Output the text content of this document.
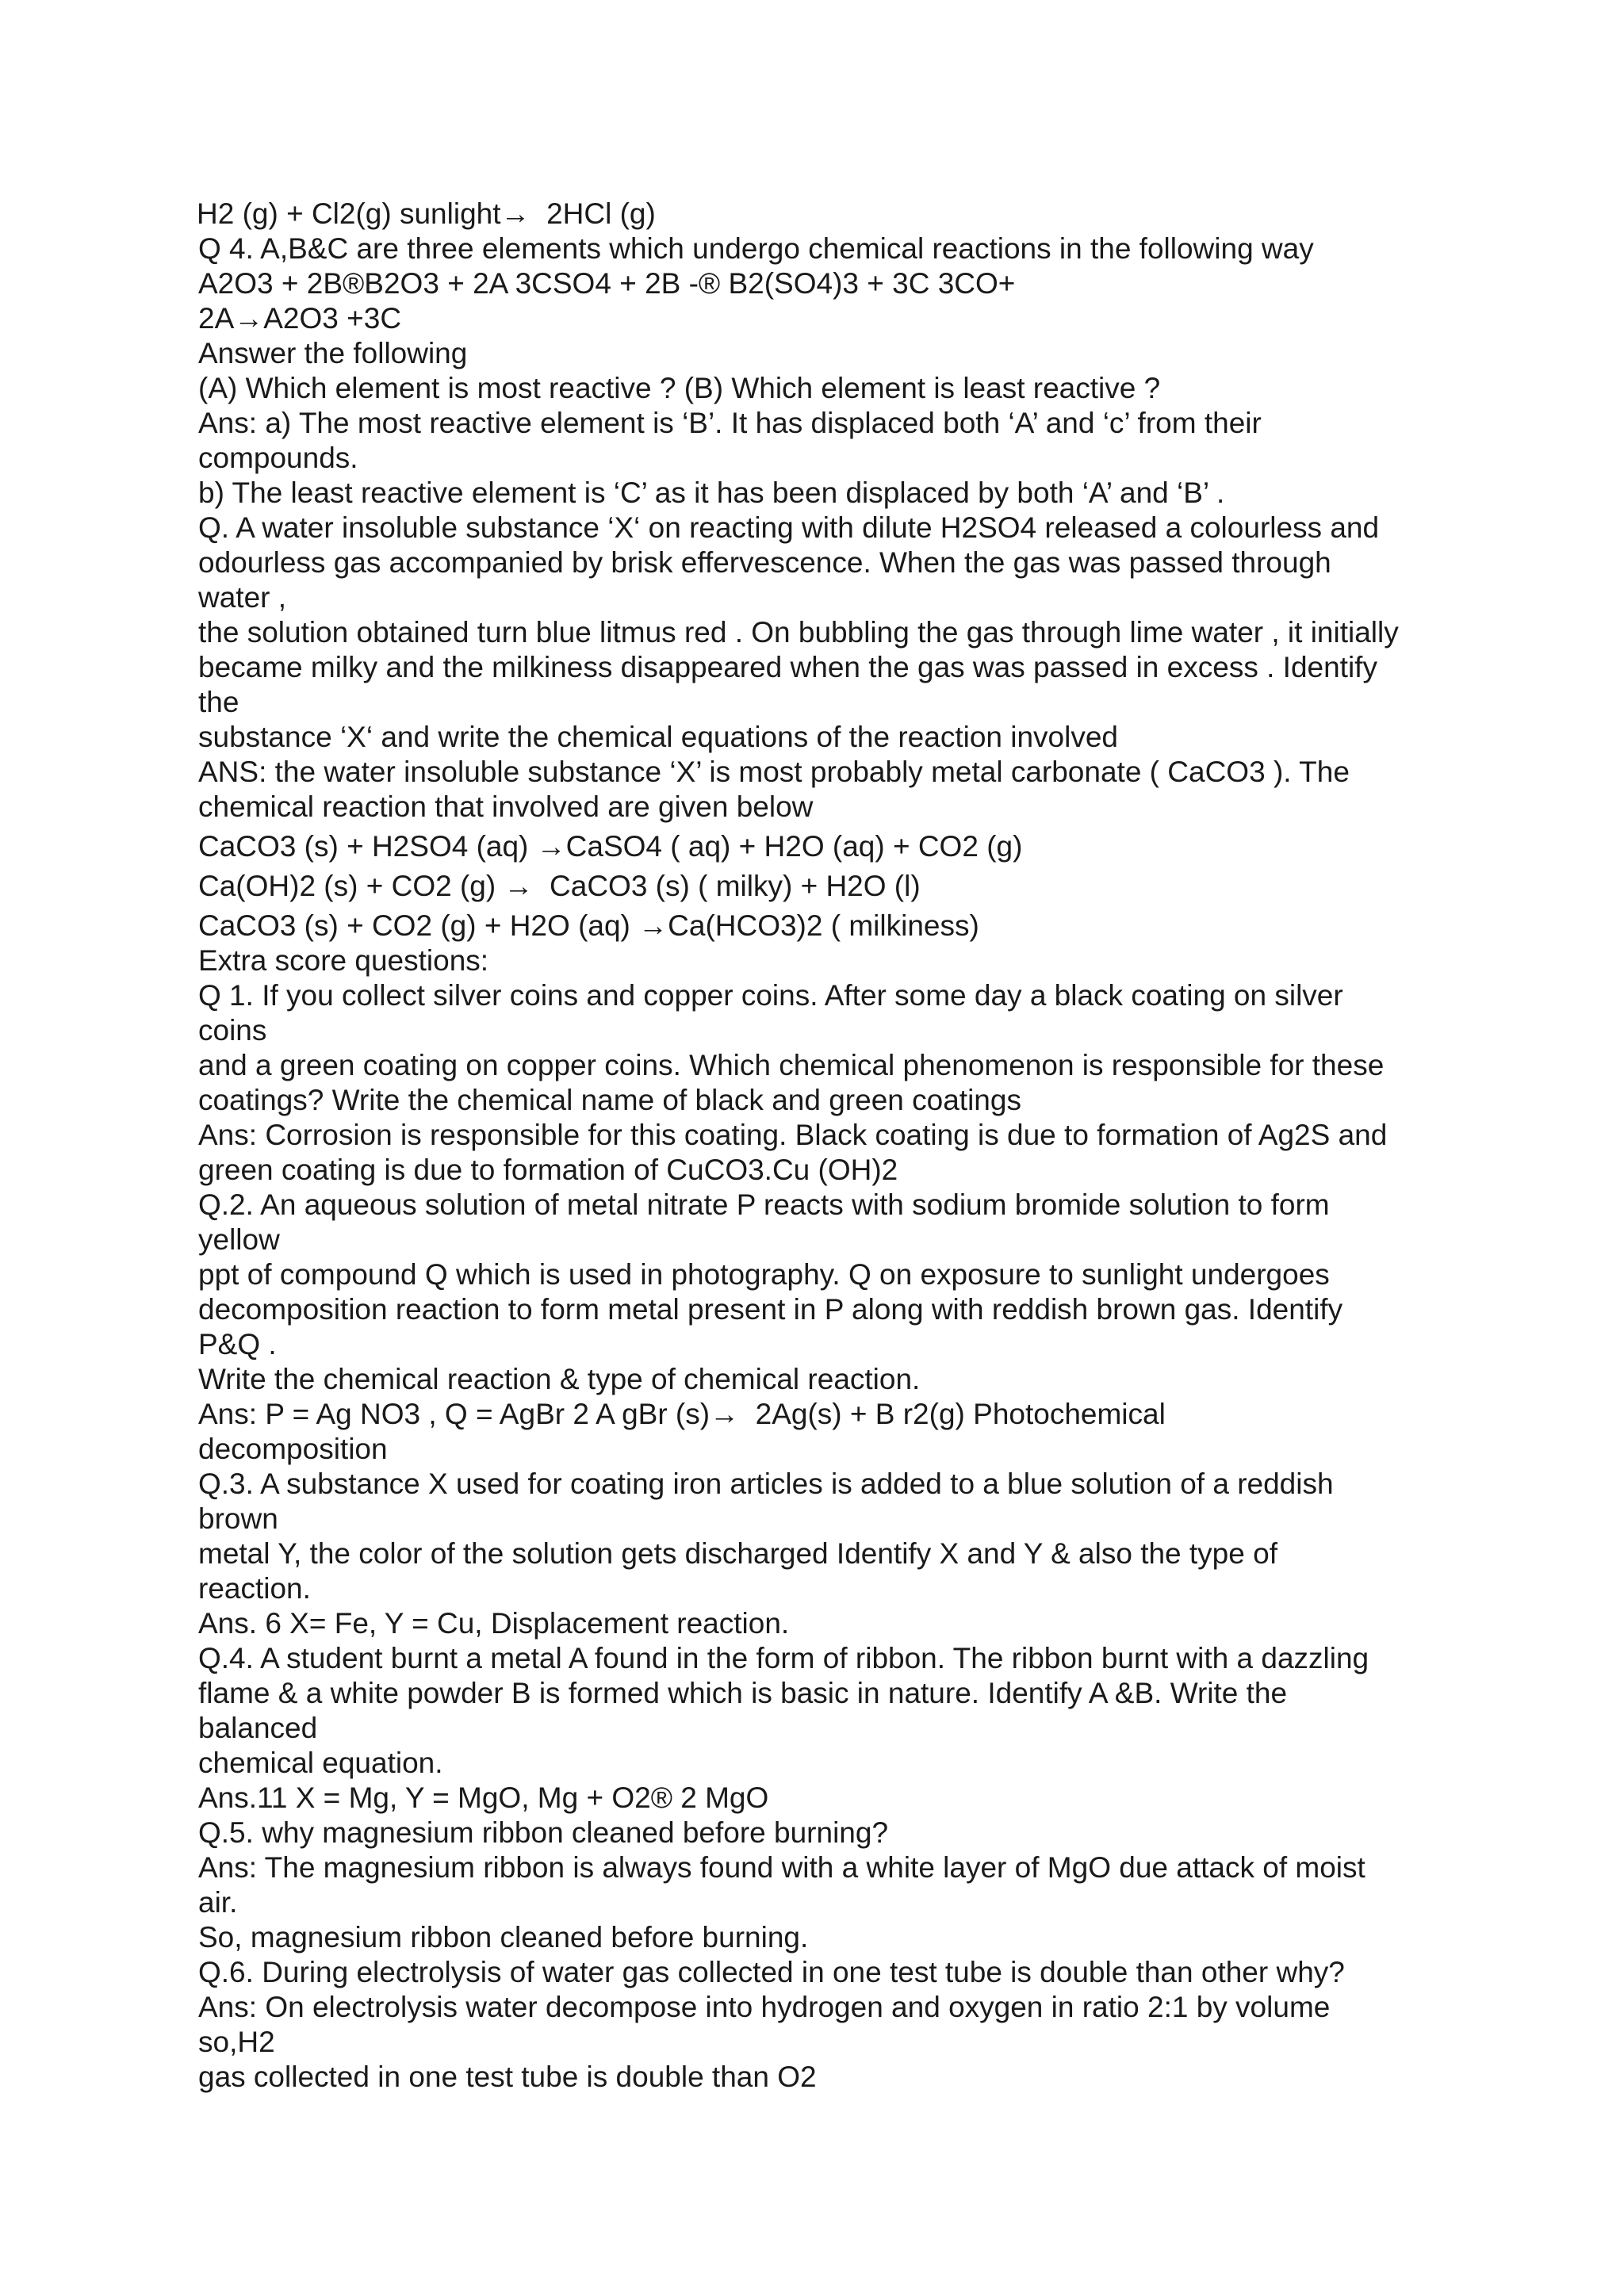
H2 (g) + Cl2(g) sunlight→  2HCl (g)
Q 4. A,B&C are three elements which undergo chemical reactions in the following way
A2O3 + 2B®B2O3 + 2A 3CSO4 + 2B -® B2(SO4)3 + 3C 3CO+
2A→A2O3 +3C
Answer the following
(A) Which element is most reactive ? (B) Which element is least reactive ?
Ans: a) The most reactive element is ‘B’. It has displaced both ‘A’ and ‘c’ from their
compounds.
b) The least reactive element is ‘C’ as it has been displaced by both ‘A’ and ‘B’ .
Q. A water insoluble substance ‘X‘ on reacting with dilute H2SO4 released a colourless and
odourless gas accompanied by brisk effervescence. When the gas was passed through
water ,
the solution obtained turn blue litmus red . On bubbling the gas through lime water , it initially
became milky and the milkiness disappeared when the gas was passed in excess . Identify
the
substance ‘X‘ and write the chemical equations of the reaction involved
ANS: the water insoluble substance ‘X’ is most probably metal carbonate ( CaCO3 ). The
chemical reaction that involved are given below
CaCO3 (s) + H2SO4 (aq) →CaSO4 ( aq) + H2O (aq) + CO2 (g)
Ca(OH)2 (s) + CO2 (g) →  CaCO3 (s) ( milky) + H2O (l)
CaCO3 (s) + CO2 (g) + H2O (aq) →Ca(HCO3)2 ( milkiness)
Extra score questions:
Q 1. If you collect silver coins and copper coins. After some day a black coating on silver
coins
and a green coating on copper coins. Which chemical phenomenon is responsible for these
coatings? Write the chemical name of black and green coatings
Ans: Corrosion is responsible for this coating. Black coating is due to formation of Ag2S and
green coating is due to formation of CuCO3.Cu (OH)2
Q.2. An aqueous solution of metal nitrate P reacts with sodium bromide solution to form
yellow
ppt of compound Q which is used in photography. Q on exposure to sunlight undergoes
decomposition reaction to form metal present in P along with reddish brown gas. Identify
P&Q .
Write the chemical reaction & type of chemical reaction.
Ans: P = Ag NO3 , Q = AgBr 2 A gBr (s)→  2Ag(s) + B r2(g) Photochemical
decomposition
Q.3. A substance X used for coating iron articles is added to a blue solution of a reddish
brown
metal Y, the color of the solution gets discharged Identify X and Y & also the type of
reaction.
Ans. 6 X= Fe, Y = Cu, Displacement reaction.
Q.4. A student burnt a metal A found in the form of ribbon. The ribbon burnt with a dazzling
flame & a white powder B is formed which is basic in nature. Identify A &B. Write the
balanced
chemical equation.
Ans.11 X = Mg, Y = MgO, Mg + O2® 2 MgO
Q.5. why magnesium ribbon cleaned before burning?
Ans: The magnesium ribbon is always found with a white layer of MgO due attack of moist
air.
So, magnesium ribbon cleaned before burning.
Q.6. During electrolysis of water gas collected in one test tube is double than other why?
Ans: On electrolysis water decompose into hydrogen and oxygen in ratio 2:1 by volume
so,H2
gas collected in one test tube is double than O2
